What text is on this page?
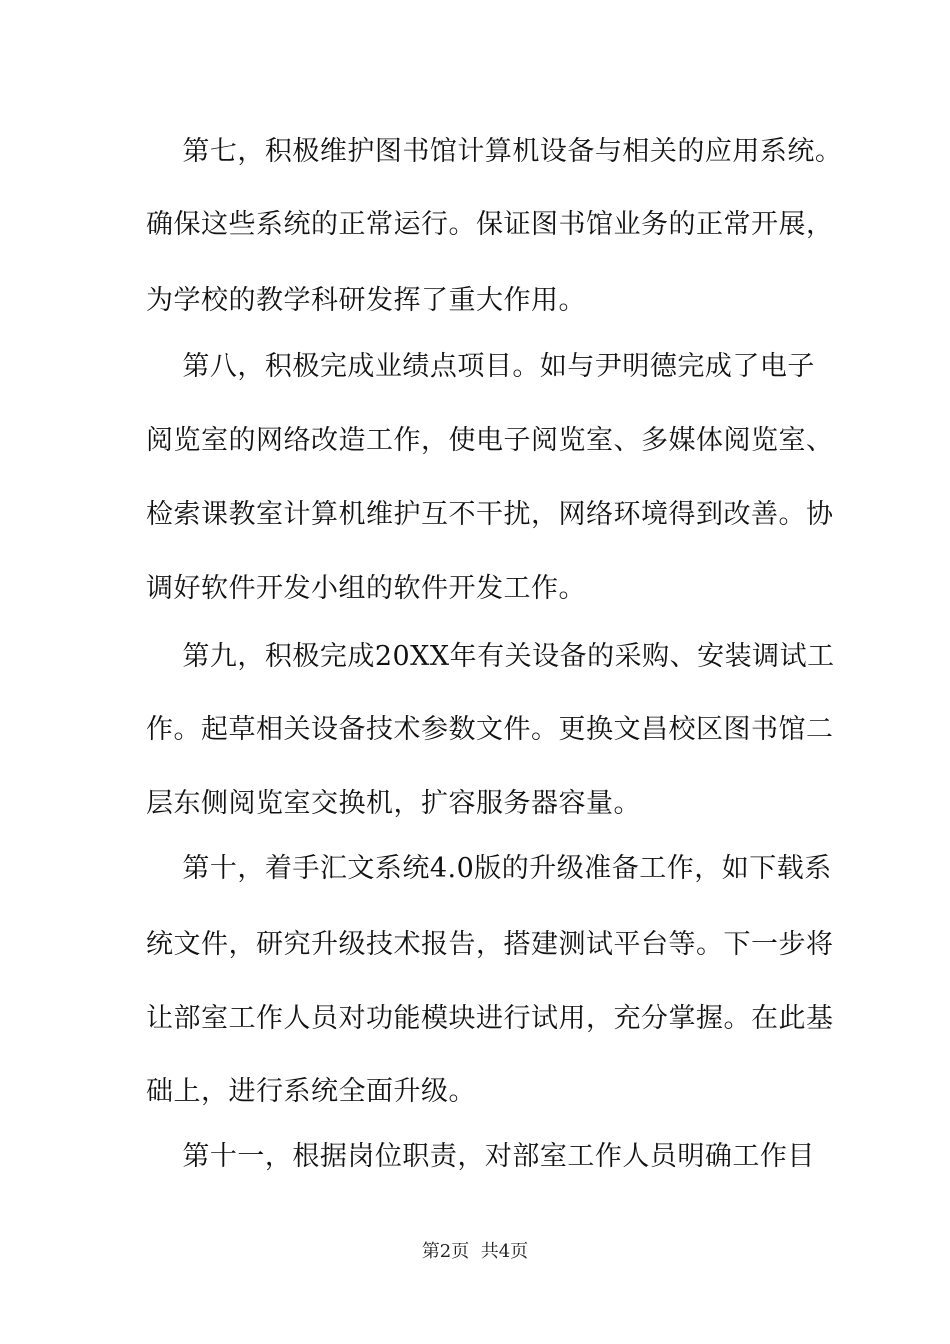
第七，积极维护图书馆计算机设备与相关的应用系统。
确保这些系统的正常运行。保证图书馆业务的正常开展，
为学校的教学科研发挥了重大作用。
第八，积极完成业绩点项目。如与尹明德完成了电子
阅览室的网络改造工作，使电子阅览室、多媒体阅览室、
检索课教室计算机维护互不干扰，网络环境得到改善。协
调好软件开发小组的软件开发工作。
第九，积极完成20XX年有关设备的采购、安装调试工
作。起草相关设备技术参数文件。更换文昌校区图书馆二
层东侧阅览室交换机，扩容服务器容量。
第十，着手汇文系统4.0版的升级准备工作，如下载系
统文件，研究升级技术报告，搭建测试平台等。下一步将
让部室工作人员对功能模块进行试用，充分掌握。在此基
础上，进行系统全面升级。
第十一，根据岗位职责，对部室工作人员明确工作目
第2页  共4页
